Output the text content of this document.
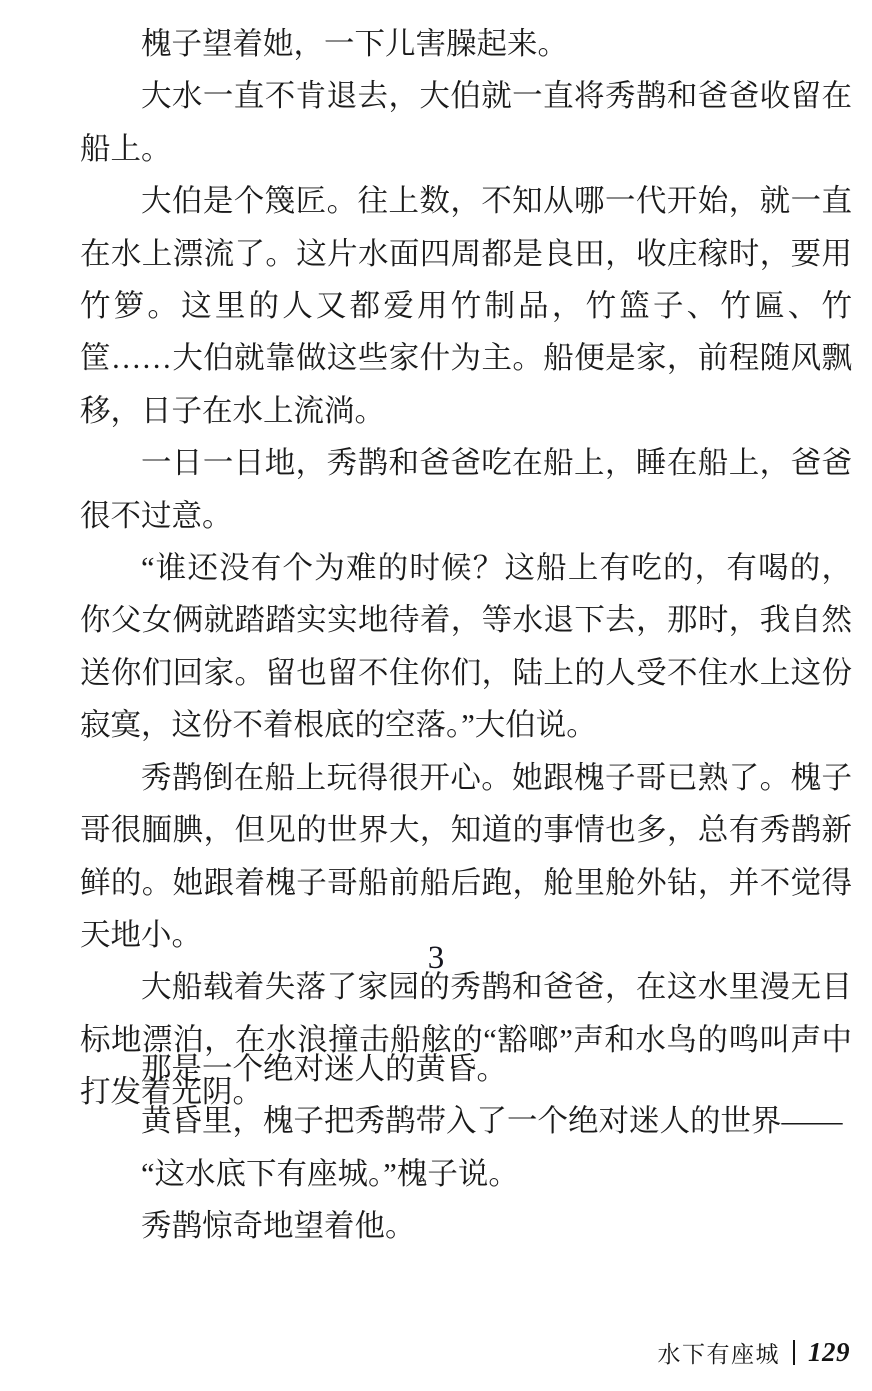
槐子望着她，一下儿害臊起来。

大水一直不肯退去，大伯就一直将秀鹊和爸爸收留在船上。

大伯是个篾匠。往上数，不知从哪一代开始，就一直在水上漂流了。这片水面四周都是良田，收庄稼时，要用竹箩。这里的人又都爱用竹制品，竹篮子、竹匾、竹筐……大伯就靠做这些家什为主。船便是家，前程随风飘移，日子在水上流淌。

一日一日地，秀鹊和爸爸吃在船上，睡在船上，爸爸很不过意。

“谁还没有个为难的时候？这船上有吃的，有喝的，你父女俩就踏踏实实地待着，等水退下去，那时，我自然送你们回家。留也留不住你们，陆上的人受不住水上这份寂寞，这份不着根底的空落。”大伯说。

秀鹊倒在船上玩得很开心。她跟槐子哥已熟了。槐子哥很腼腆，但见的世界大，知道的事情也多，总有秀鹊新鲜的。她跟着槐子哥船前船后跑，舱里舱外钻，并不觉得天地小。

大船载着失落了家园的秀鹊和爸爸，在这水里漫无目标地漂泊，在水浪撞击船舷的“豁啷”声和水鸟的鸣叫声中打发着光阴。

3

那是一个绝对迷人的黄昏。

黄昏里，槐子把秀鹊带入了一个绝对迷人的世界——

“这水底下有座城。”槐子说。

秀鹊惊奇地望着他。

水下有座城 129
